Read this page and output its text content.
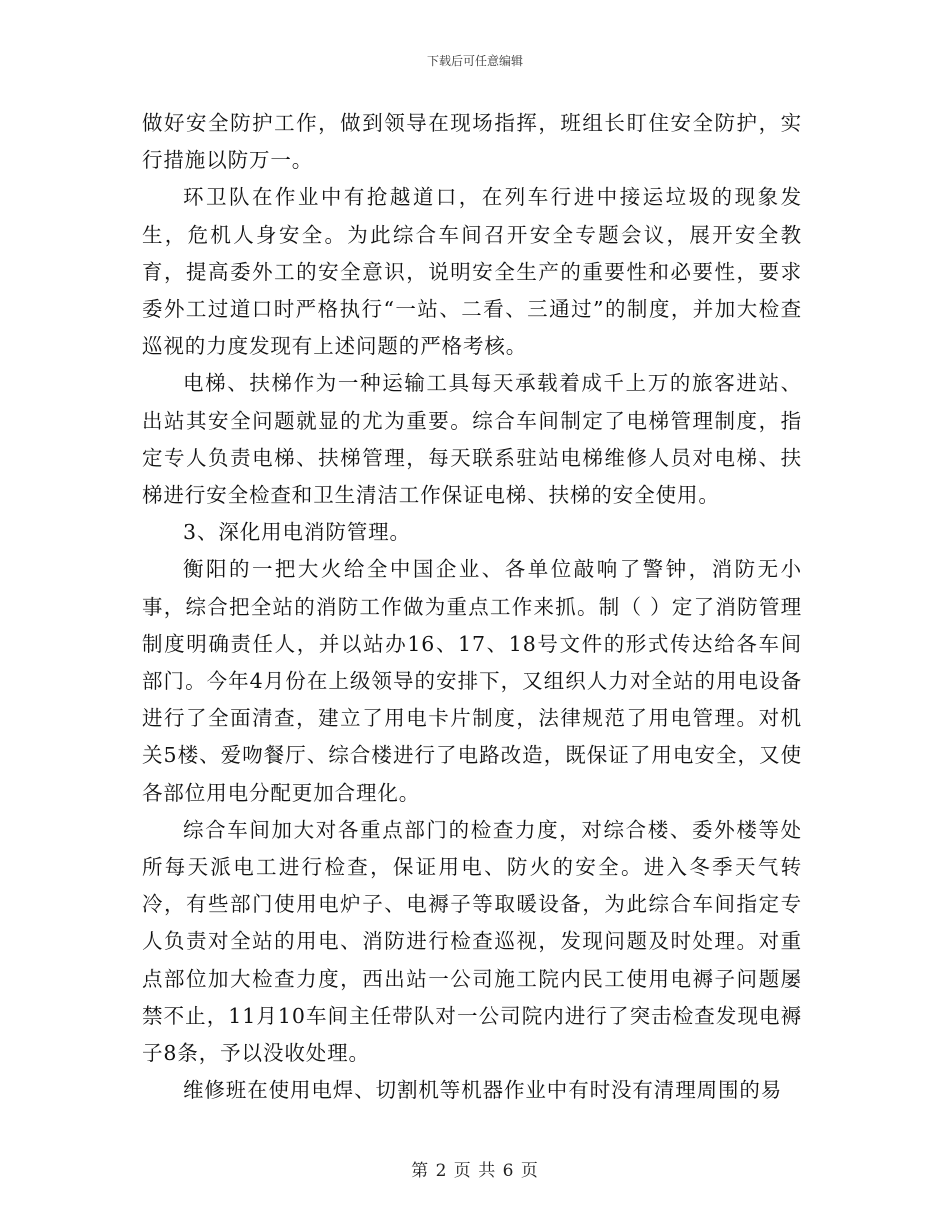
下载后可任意编辑

做好安全防护工作，做到领导在现场指挥，班组长盯住安全防护，实行措施以防万一。

环卫队在作业中有抢越道口，在列车行进中接运垃圾的现象发生，危机人身安全。为此综合车间召开安全专题会议，展开安全教育，提高委外工的安全意识，说明安全生产的重要性和必要性，要求委外工过道口时严格执行“一站、二看、三通过”的制度，并加大检查巡视的力度发现有上述问题的严格考核。

电梯、扶梯作为一种运输工具每天承载着成千上万的旅客进站、出站其安全问题就显的尤为重要。综合车间制定了电梯管理制度，指定专人负责电梯、扶梯管理，每天联系驻站电梯维修人员对电梯、扶梯进行安全检查和卫生清洁工作保证电梯、扶梯的安全使用。

3、深化用电消防管理。

衡阳的一把大火给全中国企业、各单位敲响了警钟，消防无小事，综合把全站的消防工作做为重点工作来抓。制（ ）定了消防管理制度明确责任人，并以站办16、17、18号文件的形式传达给各车间部门。今年4月份在上级领导的安排下，又组织人力对全站的用电设备进行了全面清查，建立了用电卡片制度，法律规范了用电管理。对机关5楼、爱吻餐厅、综合楼进行了电路改造，既保证了用电安全，又使各部位用电分配更加合理化。

综合车间加大对各重点部门的检查力度，对综合楼、委外楼等处所每天派电工进行检查，保证用电、防火的安全。进入冬季天气转冷，有些部门使用电炉子、电褥子等取暖设备，为此综合车间指定专人负责对全站的用电、消防进行检查巡视，发现问题及时处理。对重点部位加大检查力度，西出站一公司施工院内民工使用电褥子问题屡禁不止，11月10车间主任带队对一公司院内进行了突击检查发现电褥子8条，予以没收处理。

维修班在使用电焊、切割机等机器作业中有时没有清理周围的易

第 2 页 共 6 页
